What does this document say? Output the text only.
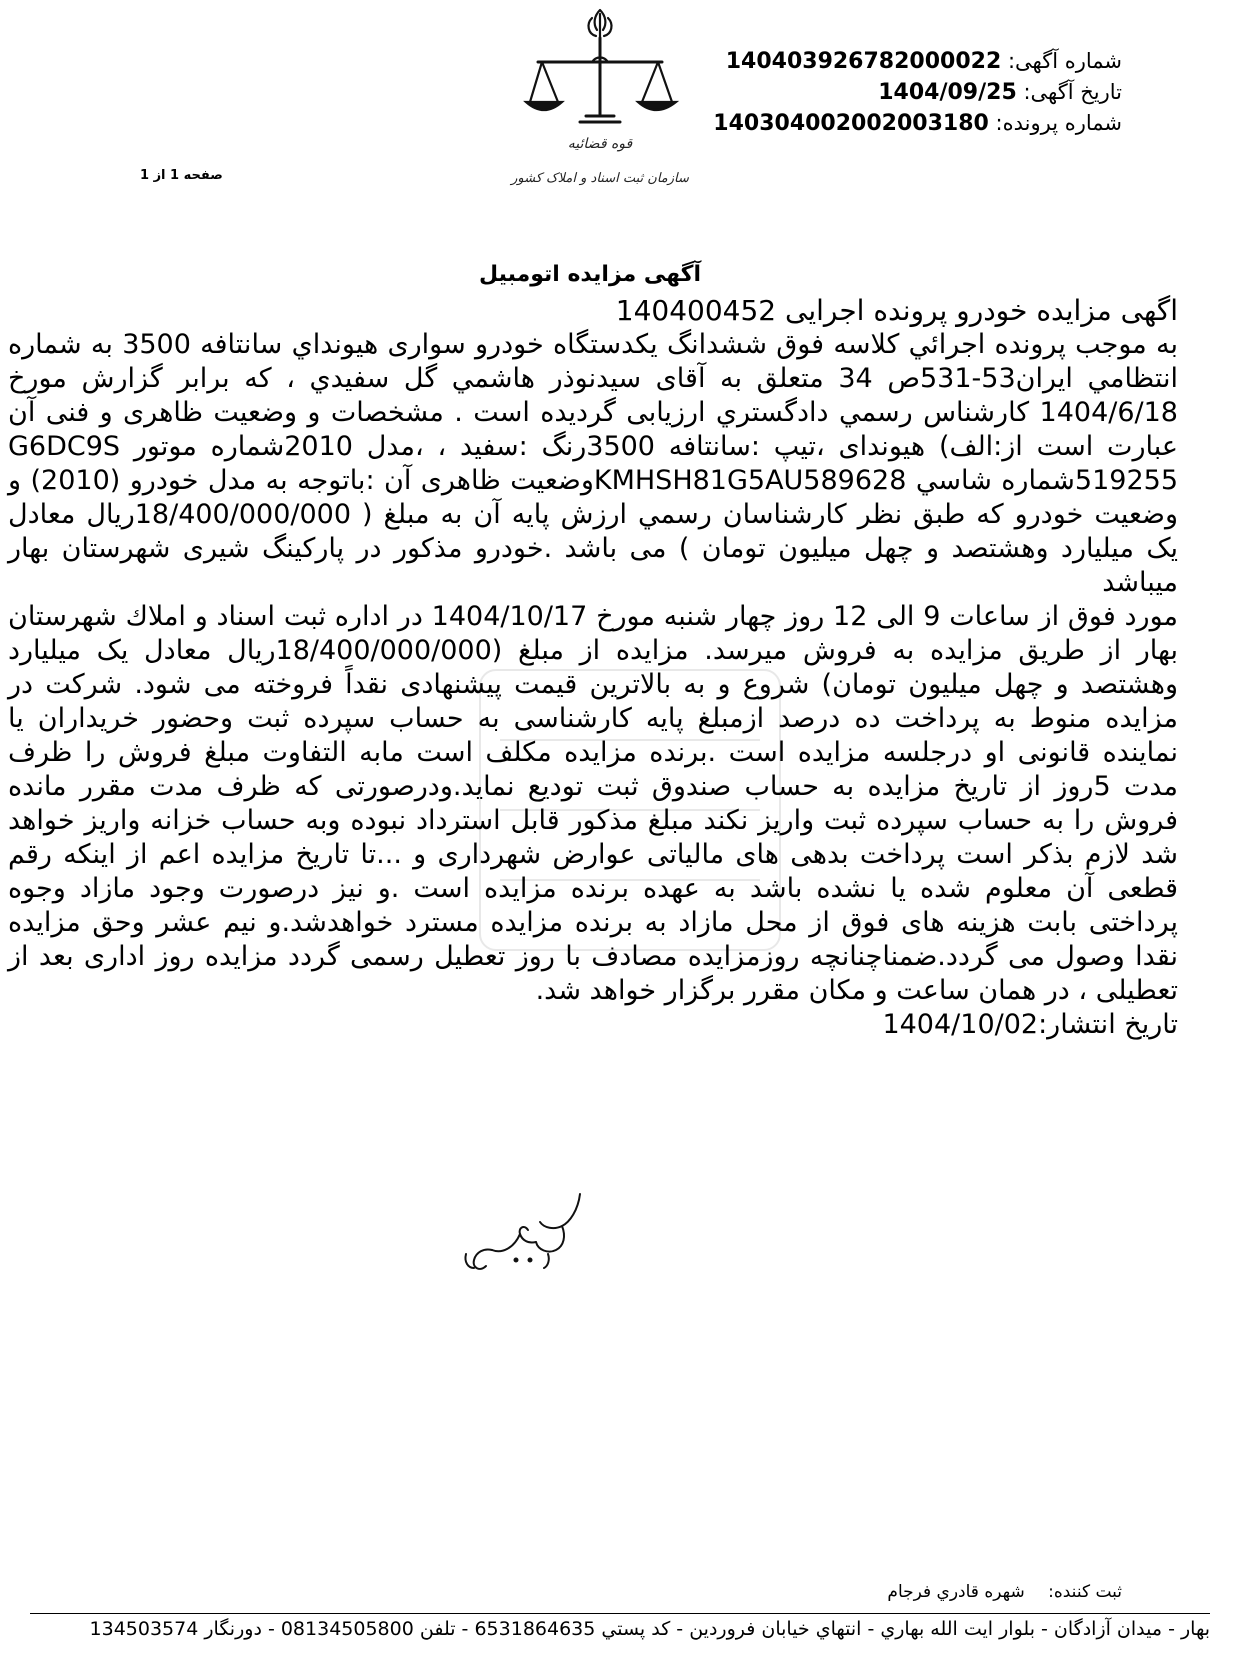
شماره آگهی: 140403926782000022
تاریخ آگهی: 1404/09/25
شماره پرونده: 140304002002003180
قوه قضائیه
سازمان ثبت اسناد و املاک کشور
صفحه 1 از 1
آگهی مزایده اتومبیل

اگهی مزایده خودرو پرونده اجرایی 140400452

به موجب پرونده اجرائي كلاسه فوق ششدانگ يكدستگاه خودرو سواری هيونداي سانتافه 3500 به شماره انتظامي ايران53-531ص 34 متعلق به آقای سیدنوذر هاشمي گل سفيدي ، كه برابر گزارش مورخ 1404/6/18 کارشناس رسمي دادگستري ارزيابی گرديده است . مشخصات و وضعيت ظاهری و فنی آن عبارت است از:الف) هیوندای ،تيپ :سانتافه 3500رنگ :سفيد ، ،مدل 2010شماره موتور G6DC9S 519255شماره شاسي KMHSH81G5AU589628وضعیت ظاهری آن :باتوجه به مدل خودرو (2010) و وضعيت خودرو كه طبق نظر كارشناسان رسمي ارزش پايه آن به مبلغ ( 18/400/000/000ريال معادل يک ميليارد وهشتصد و چهل ميليون تومان ) می باشد .خودرو مذكور در پاركينگ شيری شهرستان بهار ميباشد

مورد فوق از ساعات 9 الی 12 روز چهار شنبه مورخ 1404/10/17 در اداره ثبت اسناد و املاك شهرستان بهار از طريق مزايده به فروش ميرسد. مزايده از مبلغ (18/400/000/000ريال معادل يک ميليارد وهشتصد و چهل ميليون تومان) شروع و به بالاترين قيمت پيشنهادی نقداً فروخته می شود. شركت در مزايده منوط به پرداخت ده درصد ازمبلغ پايه كارشناسی به حساب سپرده ثبت وحضور خريداران يا نماينده قانونی او درجلسه مزايده است .برنده مزايده مكلف است مابه التفاوت مبلغ فروش را ظرف مدت 5روز از تاريخ مزايده به حساب صندوق ثبت توديع نمايد.ودرصورتی كه ظرف مدت مقرر مانده فروش را به حساب سپرده ثبت واريز نكند مبلغ مذكور قابل استرداد نبوده وبه حساب خزانه واريز خواهد شد لازم بذكر است پرداخت بدهی های مالياتی عوارض شهرداری و ...تا تاريخ مزايده اعم از اينكه رقم قطعی آن معلوم شده يا نشده باشد به عهده برنده مزايده است .و نيز درصورت وجود مازاد وجوه پرداختی بابت هزينه های فوق از محل مازاد به برنده مزايده مسترد خواهدشد.و نيم عشر وحق مزايده نقدا وصول می گردد.ضمناچنانچه روزمزايده مصادف با روز تعطيل رسمی گردد مزايده روز اداری بعد از تعطيلی ، در همان ساعت و مكان مقرر برگزار خواهد شد.

تاريخ انتشار:1404/10/02

ثبت كننده: شهره قادري فرجام
بهار - ميدان آزادگان - بلوار ايت الله بهاري - انتهاي خيابان فروردين - كد پستي 6531864635 - تلفن 08134505800 - دورنگار 134503574
